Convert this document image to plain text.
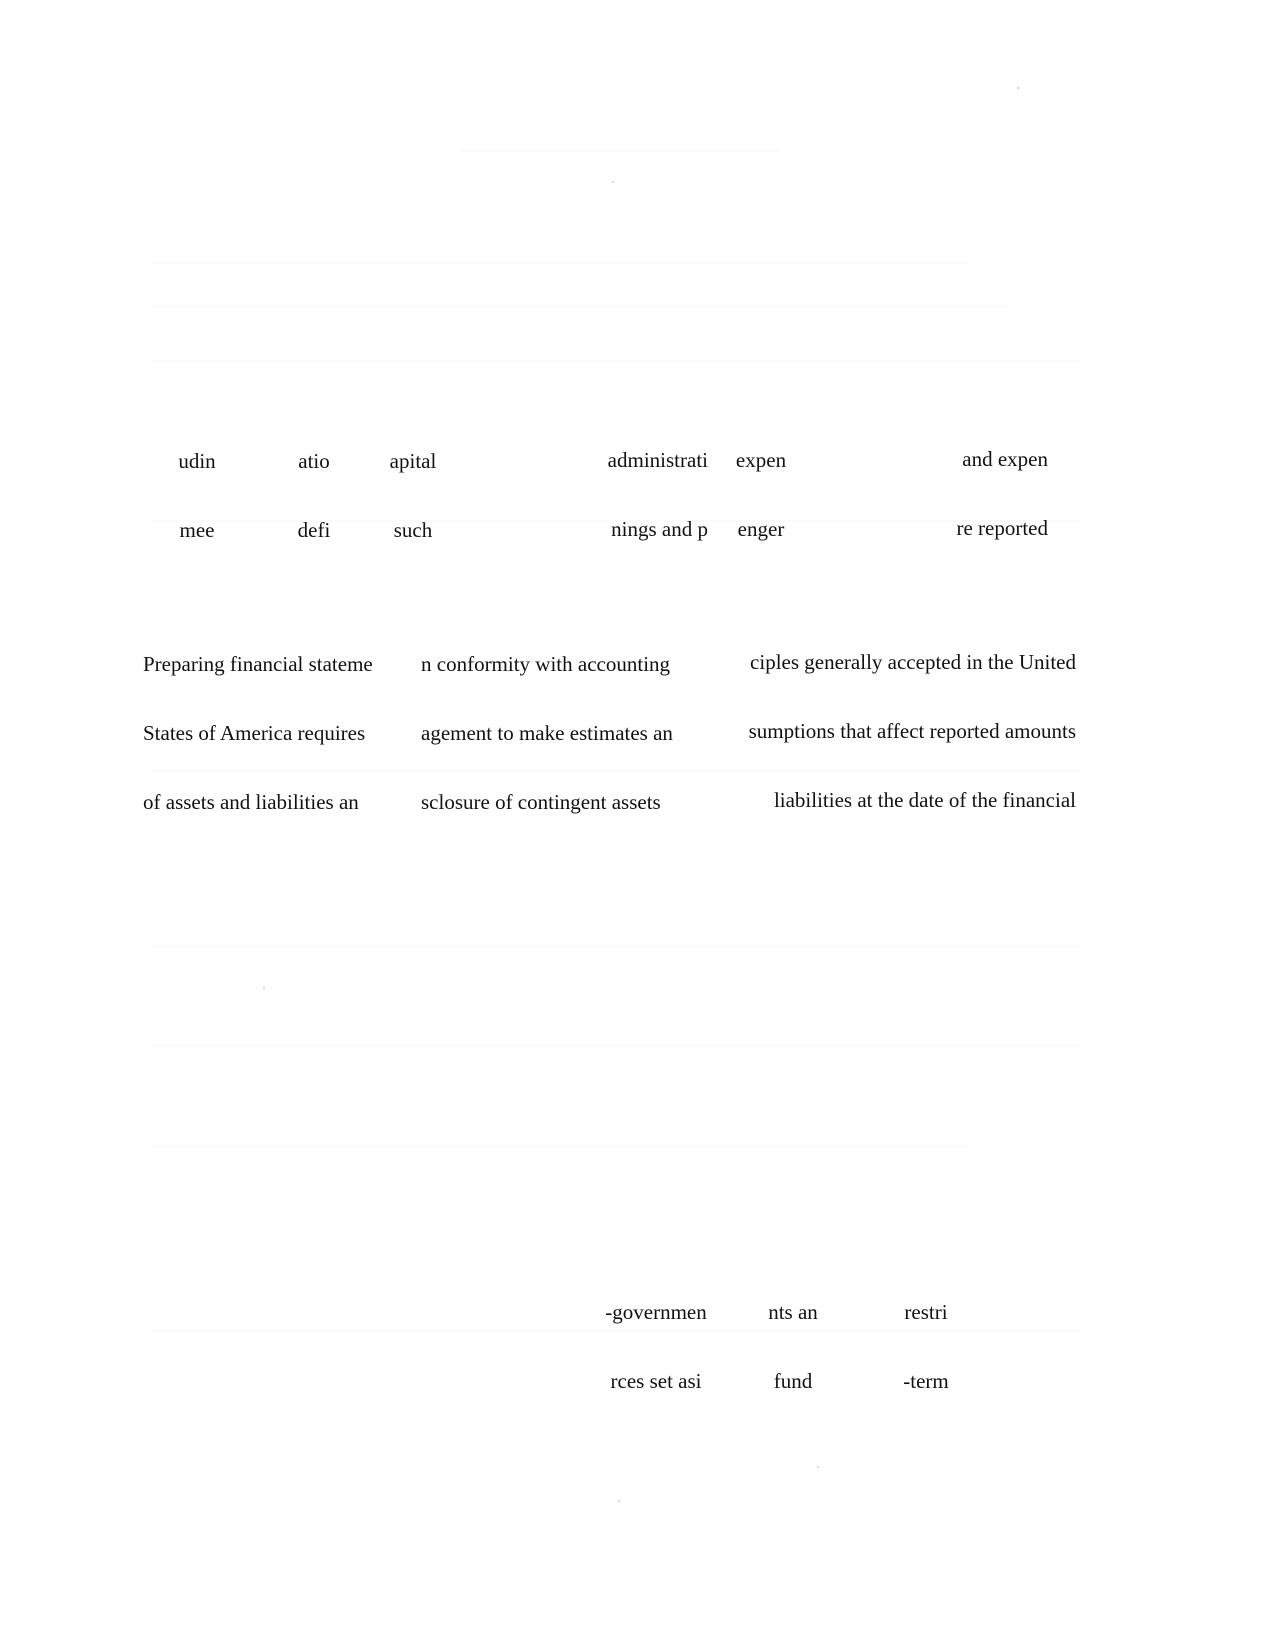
udin

mee

atio

defi

apital

such

administrati

nings and p

expen

enger

and expen

re reported

Preparing financial stateme

States of America requires

of assets and liabilities an

n conformity with accounting

agement to make estimates an

sclosure of contingent assets

ciples generally accepted in the United

sumptions that affect reported amounts

liabilities at the date of the financial

-governmen

rces set asi

nts an

fund

restri

-term
